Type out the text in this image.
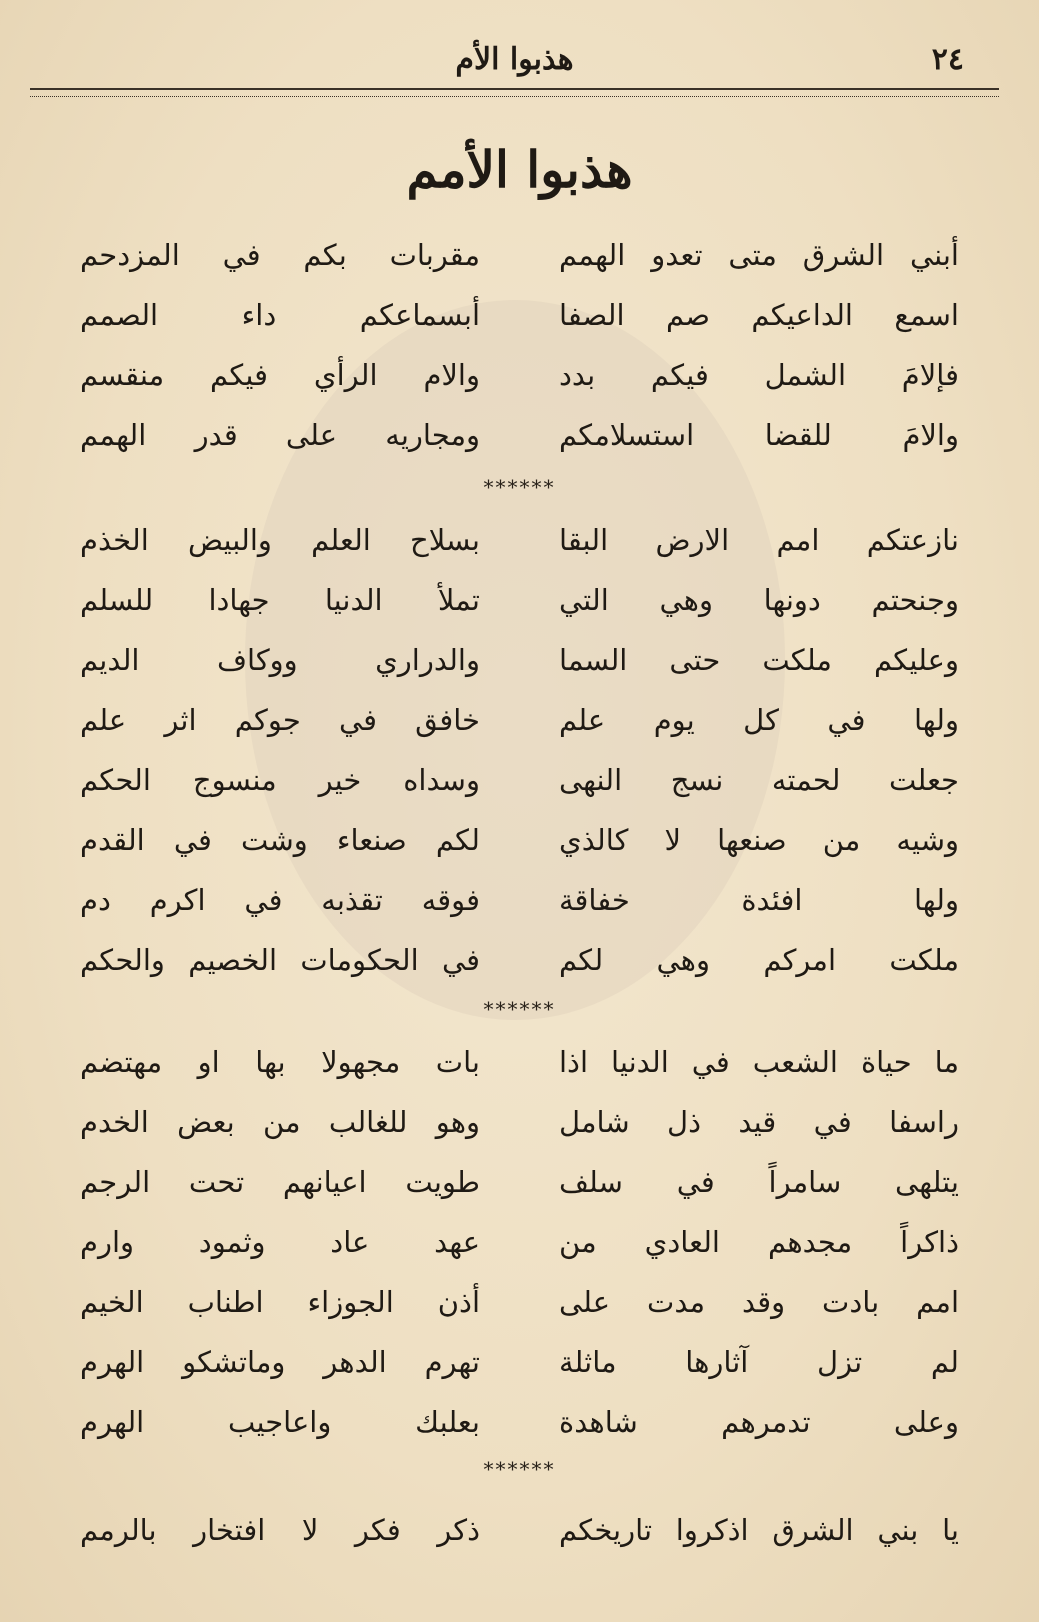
٢٤
هذبوا الأم
هذبوا الأمم
أبني الشرق متى تعدو الهمم
مقربات بكم في المزدحم
اسمع الداعيكم صم الصفا
أبسماعكم داء الصمم
فإلامَ الشمل فيكم بدد
والام الرأي فيكم منقسم
والامَ للقضا استسلامكم
ومجاريه على قدر الهمم
******
نازعتكم امم الارض البقا
بسلاح العلم والبيض الخذم
وجنحتم دونها وهي التي
تملأ الدنيا جهادا للسلم
وعليكم ملكت حتى السما
والدراري ووكاف الديم
ولها في كل يوم علم
خافق في جوكم اثر علم
جعلت لحمته نسج النهى
وسداه خير منسوج الحكم
وشيه من صنعها لا كالذي
لكم صنعاء وشت في القدم
ولها افئدة خفاقة
فوقه تقذبه في اكرم دم
ملكت امركم وهي لكم
في الحكومات الخصيم والحكم
******
ما حياة الشعب في الدنيا اذا
بات مجهولا بها او مهتضم
راسفا في قيد ذل شامل
وهو للغالب من بعض الخدم
يتلهى سامراً في سلف
طويت اعيانهم تحت الرجم
ذاكراً مجدهم العادي من
عهد عاد وثمود وارم
امم بادت وقد مدت على
أذن الجوزاء اطناب الخيم
لم تزل آثارها ماثلة
تهرم الدهر وماتشكو الهرم
وعلى تدمرهم شاهدة
بعلبك واعاجيب الهرم
******
يا بني الشرق اذكروا تاريخكم
ذكر فكر لا افتخار بالرمم
